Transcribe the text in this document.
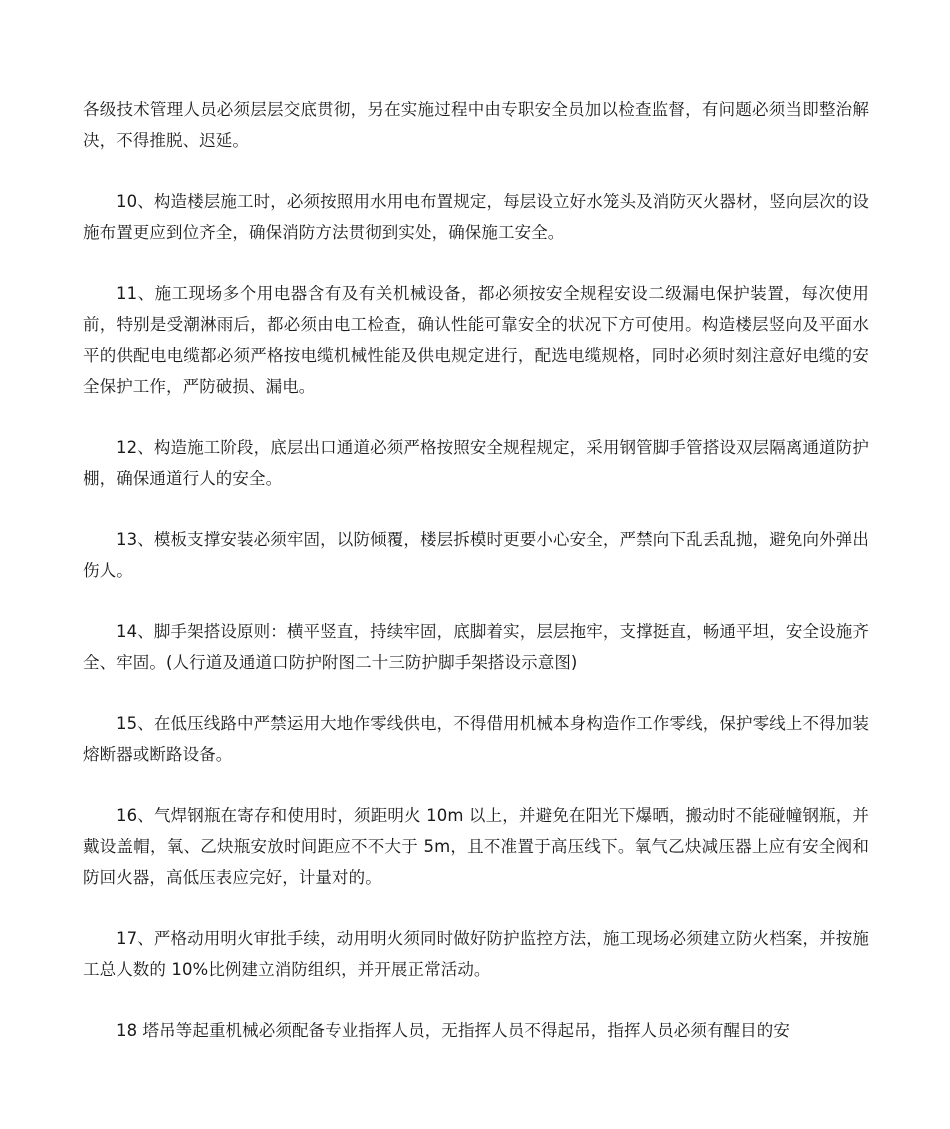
各级技术管理人员必须层层交底贯彻，另在实施过程中由专职安全员加以检查监督，有问题必须当即整治解决，不得推脱、迟延。

10、构造楼层施工时，必须按照用水用电布置规定，每层设立好水笼头及消防灭火器材，竖向层次的设施布置更应到位齐全，确保消防方法贯彻到实处，确保施工安全。

11、施工现场多个用电器含有及有关机械设备，都必须按安全规程安设二级漏电保护装置，每次使用前，特别是受潮淋雨后，都必须由电工检查，确认性能可靠安全的状况下方可使用。构造楼层竖向及平面水平的供配电电缆都必须严格按电缆机械性能及供电规定进行，配选电缆规格，同时必须时刻注意好电缆的安全保护工作，严防破损、漏电。

12、构造施工阶段，底层出口通道必须严格按照安全规程规定，采用钢管脚手管搭设双层隔离通道防护棚，确保通道行人的安全。

13、模板支撑安装必须牢固，以防倾覆，楼层拆模时更要小心安全，严禁向下乱丢乱抛，避免向外弹出伤人。

14、脚手架搭设原则：横平竖直，持续牢固，底脚着实，层层拖牢，支撑挺直，畅通平坦，安全设施齐全、牢固。(人行道及通道口防护附图二十三防护脚手架搭设示意图)

15、在低压线路中严禁运用大地作零线供电，不得借用机械本身构造作工作零线，保护零线上不得加装熔断器或断路设备。

16、气焊钢瓶在寄存和使用时，须距明火 10m 以上，并避免在阳光下爆晒，搬动时不能碰幢钢瓶，并戴设盖帽，氧、乙炔瓶安放时间距应不不大于 5m，且不准置于高压线下。氧气乙炔减压器上应有安全阀和防回火器，高低压表应完好，计量对的。

17、严格动用明火审批手续，动用明火须同时做好防护监控方法，施工现场必须建立防火档案，并按施工总人数的 10%比例建立消防组织，并开展正常活动。

18 塔吊等起重机械必须配备专业指挥人员，无指挥人员不得起吊，指挥人员必须有醒目的安
